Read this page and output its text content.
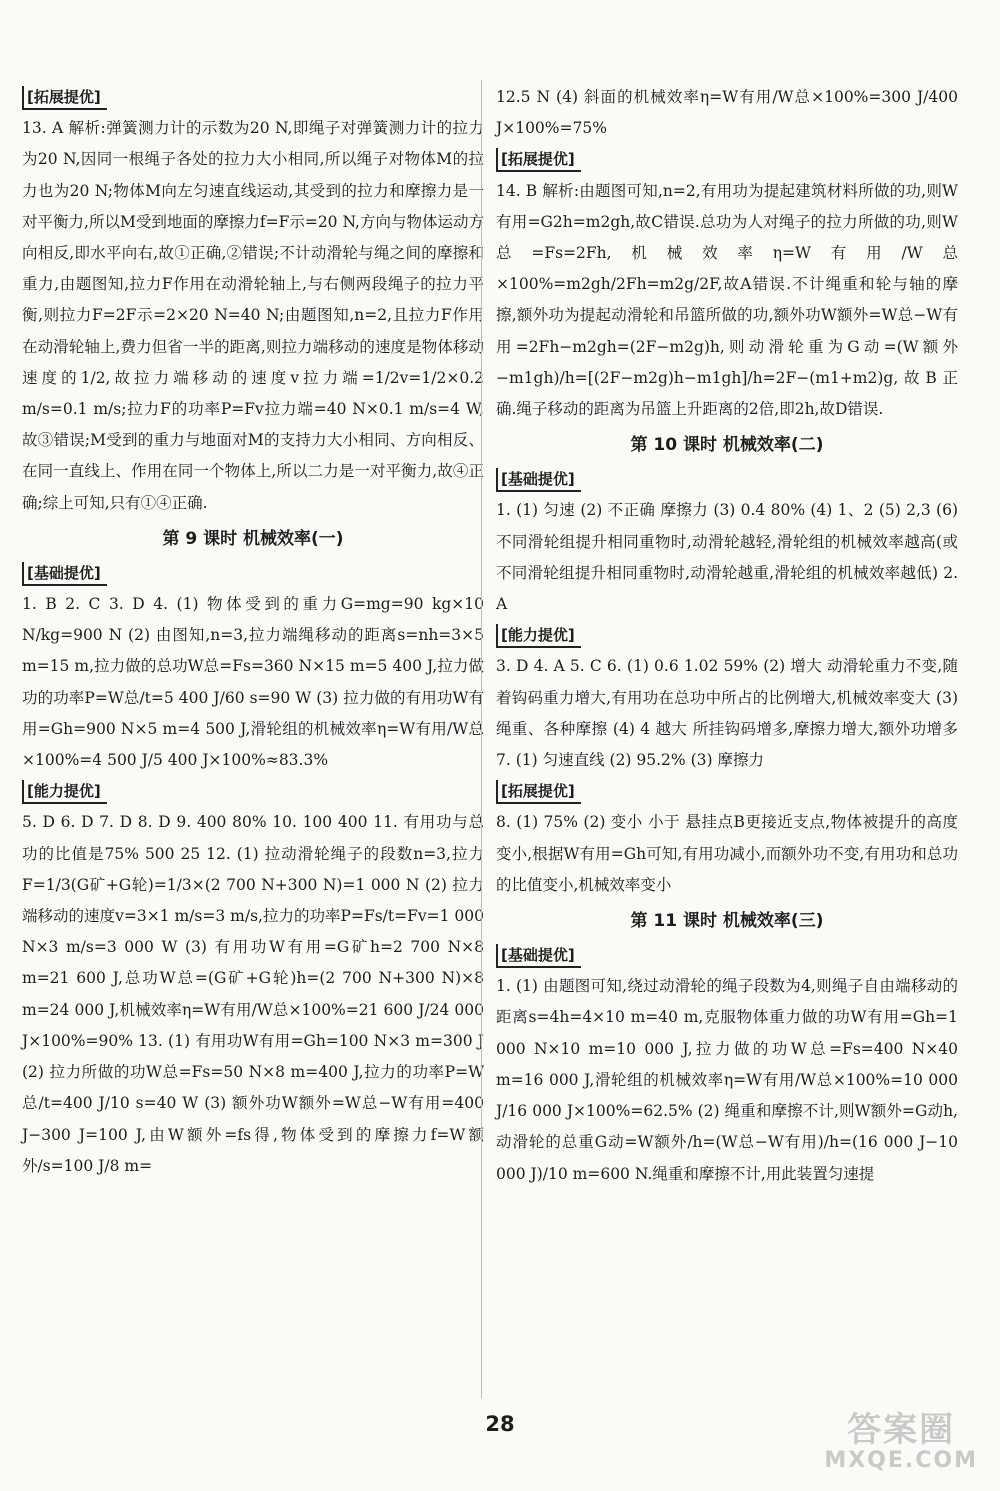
[拓展提优]
13. A 解析:弹簧测力计的示数为20 N,即绳子对弹簧测力计的拉力为20 N,因同一根绳子各处的拉力大小相同,所以绳子对物体M的拉力也为20 N;物体M向左匀速直线运动,其受到的拉力和摩擦力是一对平衡力,所以M受到地面的摩擦力f=F示=20 N,方向与物体运动方向相反,即水平向右,故①正确,②错误;不计动滑轮与绳之间的摩擦和重力,由题图知,拉力F作用在动滑轮轴上,与右侧两段绳子的拉力平衡,则拉力F=2F示=2×20 N=40 N;由题图知,n=2,且拉力F作用在动滑轮轴上,费力但省一半的距离,则拉力端移动的速度是物体移动速度的1/2,故拉力端移动的速度v拉力端=1/2v=1/2×0.2 m/s=0.1 m/s;拉力F的功率P=Fv拉力端=40 N×0.1 m/s=4 W,故③错误;M受到的重力与地面对M的支持力大小相同、方向相反、在同一直线上、作用在同一个物体上,所以二力是一对平衡力,故④正确;综上可知,只有①④正确.
第 9 课时 机械效率(一)
[基础提优]
1. B 2. C 3. D 4. (1) 物体受到的重力G=mg=90 kg×10 N/kg=900 N (2) 由图知,n=3,拉力端绳移动的距离s=nh=3×5 m=15 m,拉力做的总功W总=Fs=360 N×15 m=5 400 J,拉力做功的功率P=W总/t=5 400 J/60 s=90 W (3) 拉力做的有用功W有用=Gh=900 N×5 m=4 500 J,滑轮组的机械效率η=W有用/W总×100%=4 500 J/5 400 J×100%≈83.3%
[能力提优]
5. D 6. D 7. D 8. D 9. 400 80% 10. 100 400 11. 有用功与总功的比值是75% 500 25 12. (1) 拉动滑轮绳子的段数n=3,拉力F=1/3(G矿+G轮)=1/3×(2 700 N+300 N)=1 000 N (2) 拉力端移动的速度v=3×1 m/s=3 m/s,拉力的功率P=Fs/t=Fv=1 000 N×3 m/s=3 000 W (3) 有用功W有用=G矿h=2 700 N×8 m=21 600 J,总功W总=(G矿+G轮)h=(2 700 N+300 N)×8 m=24 000 J,机械效率η=W有用/W总×100%=21 600 J/24 000 J×100%=90% 13. (1) 有用功W有用=Gh=100 N×3 m=300 J (2) 拉力所做的功W总=Fs=50 N×8 m=400 J,拉力的功率P=W总/t=400 J/10 s=40 W (3) 额外功W额外=W总−W有用=400 J−300 J=100 J,由W额外=fs得,物体受到的摩擦力f=W额外/s=100 J/8 m=
12.5 N (4) 斜面的机械效率η=W有用/W总×100%=300 J/400 J×100%=75%
[拓展提优]
14. B 解析:由题图可知,n=2,有用功为提起建筑材料所做的功,则W有用=G2h=m2gh,故C错误.总功为人对绳子的拉力所做的功,则W总=Fs=2Fh,机械效率η=W有用/W总×100%=m2gh/2Fh=m2g/2F,故A错误.不计绳重和轮与轴的摩擦,额外功为提起动滑轮和吊篮所做的功,额外功W额外=W总−W有用=2Fh−m2gh=(2F−m2g)h,则动滑轮重为G动=(W额外−m1gh)/h=[(2F−m2g)h−m1gh]/h=2F−(m1+m2)g,故B正确.绳子移动的距离为吊篮上升距离的2倍,即2h,故D错误.
第 10 课时 机械效率(二)
[基础提优]
1. (1) 匀速 (2) 不正确 摩擦力 (3) 0.4 80% (4) 1、2 (5) 2,3 (6) 不同滑轮组提升相同重物时,动滑轮越轻,滑轮组的机械效率越高(或不同滑轮组提升相同重物时,动滑轮越重,滑轮组的机械效率越低) 2. A
[能力提优]
3. D 4. A 5. C 6. (1) 0.6 1.02 59% (2) 增大 动滑轮重力不变,随着钩码重力增大,有用功在总功中所占的比例增大,机械效率变大 (3) 绳重、各种摩擦 (4) 4 越大 所挂钩码增多,摩擦力增大,额外功增多 7. (1) 匀速直线 (2) 95.2% (3) 摩擦力
[拓展提优]
8. (1) 75% (2) 变小 小于 悬挂点B更接近支点,物体被提升的高度变小,根据W有用=Gh可知,有用功减小,而额外功不变,有用功和总功的比值变小,机械效率变小
第 11 课时 机械效率(三)
[基础提优]
1. (1) 由题图可知,绕过动滑轮的绳子段数为4,则绳子自由端移动的距离s=4h=4×10 m=40 m,克服物体重力做的功W有用=Gh=1 000 N×10 m=10 000 J,拉力做的功W总=Fs=400 N×40 m=16 000 J,滑轮组的机械效率η=W有用/W总×100%=10 000 J/16 000 J×100%=62.5% (2) 绳重和摩擦不计,则W额外=G动h,动滑轮的总重G动=W额外/h=(W总−W有用)/h=(16 000 J−10 000 J)/10 m=600 N.绳重和摩擦不计,用此装置匀速提
28	答案圈
MXQE.COM
